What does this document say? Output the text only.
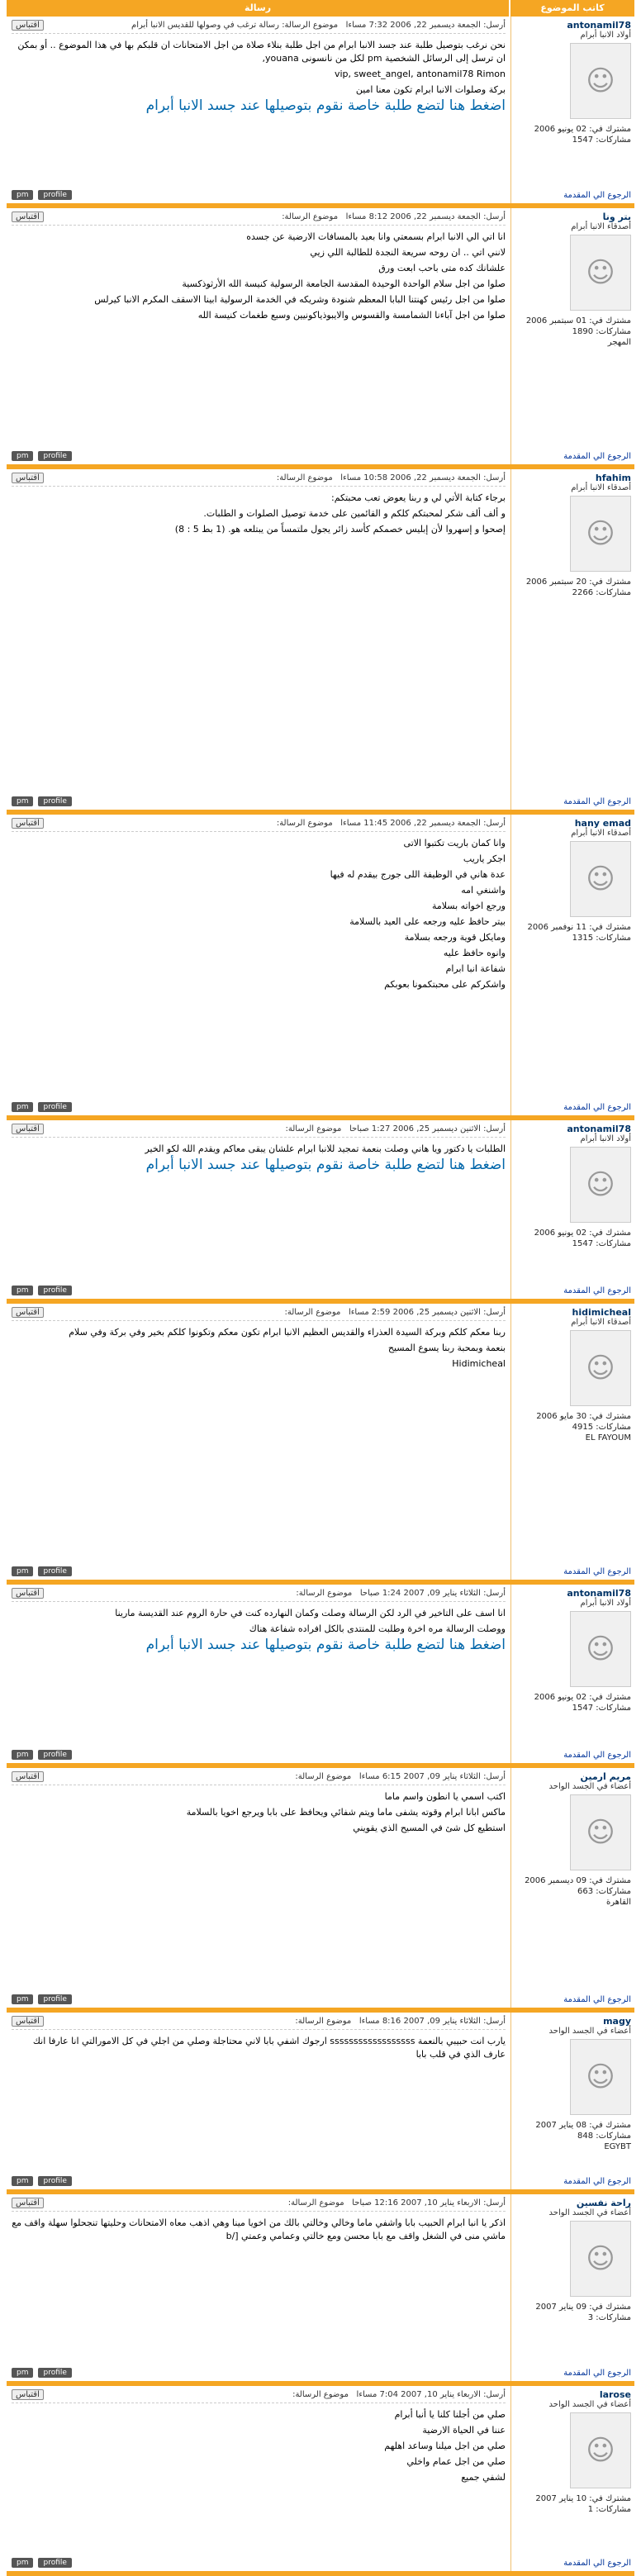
كاتب الموضوع
رسالة
antonamil78
أولاد الانبا أبرام
☺
مشترك في: 02 يونيو 2006
مشاركات: 1547

الرجوع الي المقدمة
أرسل: الجمعة ديسمبر 22, 2006 7:32 مساءا   موضوع الرسالة: رسالة ترغب في وصولها للقديس الانبا أبرام
اقتباس

نحن نرغب بتوصيل طلبة عند جسد الانبا ابرام من اجل طلبة بنلاء صلاة من اجل الامتحانات ان قلبكم بها في هذا الموضوع .. أو بمكن ان ترسل إلى الرسائل الشخصية pm لكل من نانسونى youana,

vip, sweet_angel, antonamil78 Rimon

بركة وصلوات الانبا ابرام تكون معنا امين

اضغط هنا لتضع طلبة خاصة نقوم بتوصيلها عند جسد الانبا أبرام

profile
pm
بتر ونا
أصدقاء الانبا أبرام
☺
مشترك في: 01 سبتمبر 2006
مشاركات: 1890
المهجر
الرجوع الي المقدمة
أرسل: الجمعة ديسمبر 22, 2006 8:12 مساءا   موضوع الرسالة:
اقتباس

انا اتي الي الانبا ابرام بسمعتي وانا بعيد بالمسافات الارضية عن جسده

لانني اتي .. ان روحه سريعة النجدة للطالبة اللي زيي

علشانك كده متى باحب ابعت ورق

صلوا من اجل سلام الواحدة الوحيدة المقدسة الجامعة الرسولية كنيسة الله الأرثوذكسية

صلوا من اجل رئيس كهنتنا البابا المعظم شنودة وشريكه في الخدمة الرسولية ابينا الاسقف المكرم الانبا كيرلس

صلوا من اجل آباءنا الشمامسة والقسوس والايبوذياكونيين وسبع طغمات كنيسة الله

profile
pm
hfahim
أصدقاء الانبا أبرام
☺
مشترك في: 20 سبتمبر 2006
مشاركات: 2266

الرجوع الي المقدمة
أرسل: الجمعة ديسمبر 22, 2006 10:58 مساءا   موضوع الرسالة:
اقتباس

برجاء كتابة الأتي لي و ربنا يعوض تعب محبتكم:

و ألف ألف شكر لمحبتكم كلكم و القائمين على خدمة توصيل الصلوات و الطلبات.

إصحوا و إسهروا لأن إبليس خصمكم كأسد زائر يجول ملتمساً من يبتلعه هو. (1 بط 5 : 8)

profile
pm
hany emad
أصدقاء الانبا أبرام
☺
مشترك في: 11 نوفمبر 2006
مشاركات: 1315

الرجوع الي المقدمة
أرسل: الجمعة ديسمبر 22, 2006 11:45 مساءا   موضوع الرسالة:
اقتباس

وانا كمان باريت تكتبوا الاتى

اجكر ياريب

عدة هاني في الوظيفة اللى جورج بيقدم له فيها

واشنغي امه

ورجع اخواته بسلامة

بيتر حافظ عليه ورجعه على العيد بالسلامة

ومايكل قوية ورجعه بسلامة

وانوه حافظ عليه

شفاعة انبا ابرام

واشكركم على محبتكمونا بعوبكم

profile
pm
antonamil78
أولاد الانبا أبرام
☺
مشترك في: 02 يونيو 2006
مشاركات: 1547

الرجوع الي المقدمة
أرسل: الاثنين ديسمبر 25, 2006 1:27 صباحا   موضوع الرسالة:
اقتباس

الطلبات يا دكتور ويا هاني وصلت بنعمة تمجيد للانبا ابرام علشان يبقى معاكم ويقدم الله لكو الخير

اضغط هنا لتضع طلبة خاصة نقوم بتوصيلها عند جسد الانبا أبرام

profile
pm
hidimicheal
أصدقاء الانبا أبرام
☺
مشترك في: 30 مايو 2006
مشاركات: 4915
EL FAYOUM
الرجوع الي المقدمة
أرسل: الاثنين ديسمبر 25, 2006 2:59 مساءا   موضوع الرسالة:
اقتباس

ربنا معكم كلكم وبركة السيدة العذراء والقديس العظيم الانبا ابرام تكون معكم وتكونوا كلكم بخير وفي بركة وفي سلام

بنعمة وبمحبة ربنا يسوع المسيح

Hidimicheal

profile
pm
antonamil78
أولاد الانبا أبرام
☺
مشترك في: 02 يونيو 2006
مشاركات: 1547

الرجوع الي المقدمة
أرسل: الثلاثاء يناير 09, 2007 1:24 صباحا   موضوع الرسالة:
اقتباس

انا اسف على التاخير في الرد لكن الرسالة وصلت وكمان النهارده كنت في حارة الروم عند القديسة مارينا

ووصلت الرسالة مره اخرة وطلبت للمنتدى بالكل افراده شفاعة هناك

اضغط هنا لتضع طلبة خاصة نقوم بتوصيلها عند جسد الانبا أبرام

profile
pm
مريم ارمين
أعضاء في الجسد الواحد
☺
مشترك في: 09 ديسمبر 2006
مشاركات: 663
القاهرة
الرجوع الي المقدمة
أرسل: الثلاثاء يناير 09, 2007 6:15 مساءا   موضوع الرسالة:
اقتباس

اكتب اسمي يا انطون واسم ماما

ماكس ابانا ابرام وقوته يشفى ماما ويتم شفائي ويحافظ على بابا ويرجع اخويا بالسلامة

استطيع كل شئ في المسيح الذي يقويني

profile
pm
magy
أعضاء في الجسد الواحد
☺
مشترك في: 08 يناير 2007
مشاركات: 848
EGYBT
الرجوع الي المقدمة
أرسل: الثلاثاء يناير 09, 2007 8:16 مساءا   موضوع الرسالة:
اقتباس

يارب انت حبيبي بالنعمة ssssssssssssssssss ارجوك اشفي بابا لاني محتاجلة وصلي من اجلي في كل الامورالتي انا عارفا انك عارف الذي في قلب بابا

profile
pm
راحة نفسين
أعضاء في الجسد الواحد
☺
مشترك في: 09 يناير 2007
مشاركات: 3

الرجوع الي المقدمة
أرسل: الاربعاء يناير 10, 2007 12:16 صباحا   موضوع الرسالة:
اقتباس

اذكر يا انبا ابرام الحبيب بابا واشفي ماما وخالي وخالتي بالك من اخويا مينا وهي اذهب معاه الامتحانات وحليتها تنجحلوا سهلة واقف مع ماشي منى في الشغل واقف مع بابا محسن ومع خالتي وعمامي وعمتي [/b

profile
pm
larose
أعضاء في الجسد الواحد
☺
مشترك في: 10 يناير 2007
مشاركات: 1

الرجوع الي المقدمة
أرسل: الاربعاء يناير 10, 2007 7:04 مساءا   موضوع الرسالة:
اقتباس

صلي من أجلنا كلنا يا أنبا أبرام

عننا في الحياة الارضية

صلي من اجل ميلنا وساعد اهلهم

صلي من اجل عمام واخلي

لشفي جميع

profile
pm
